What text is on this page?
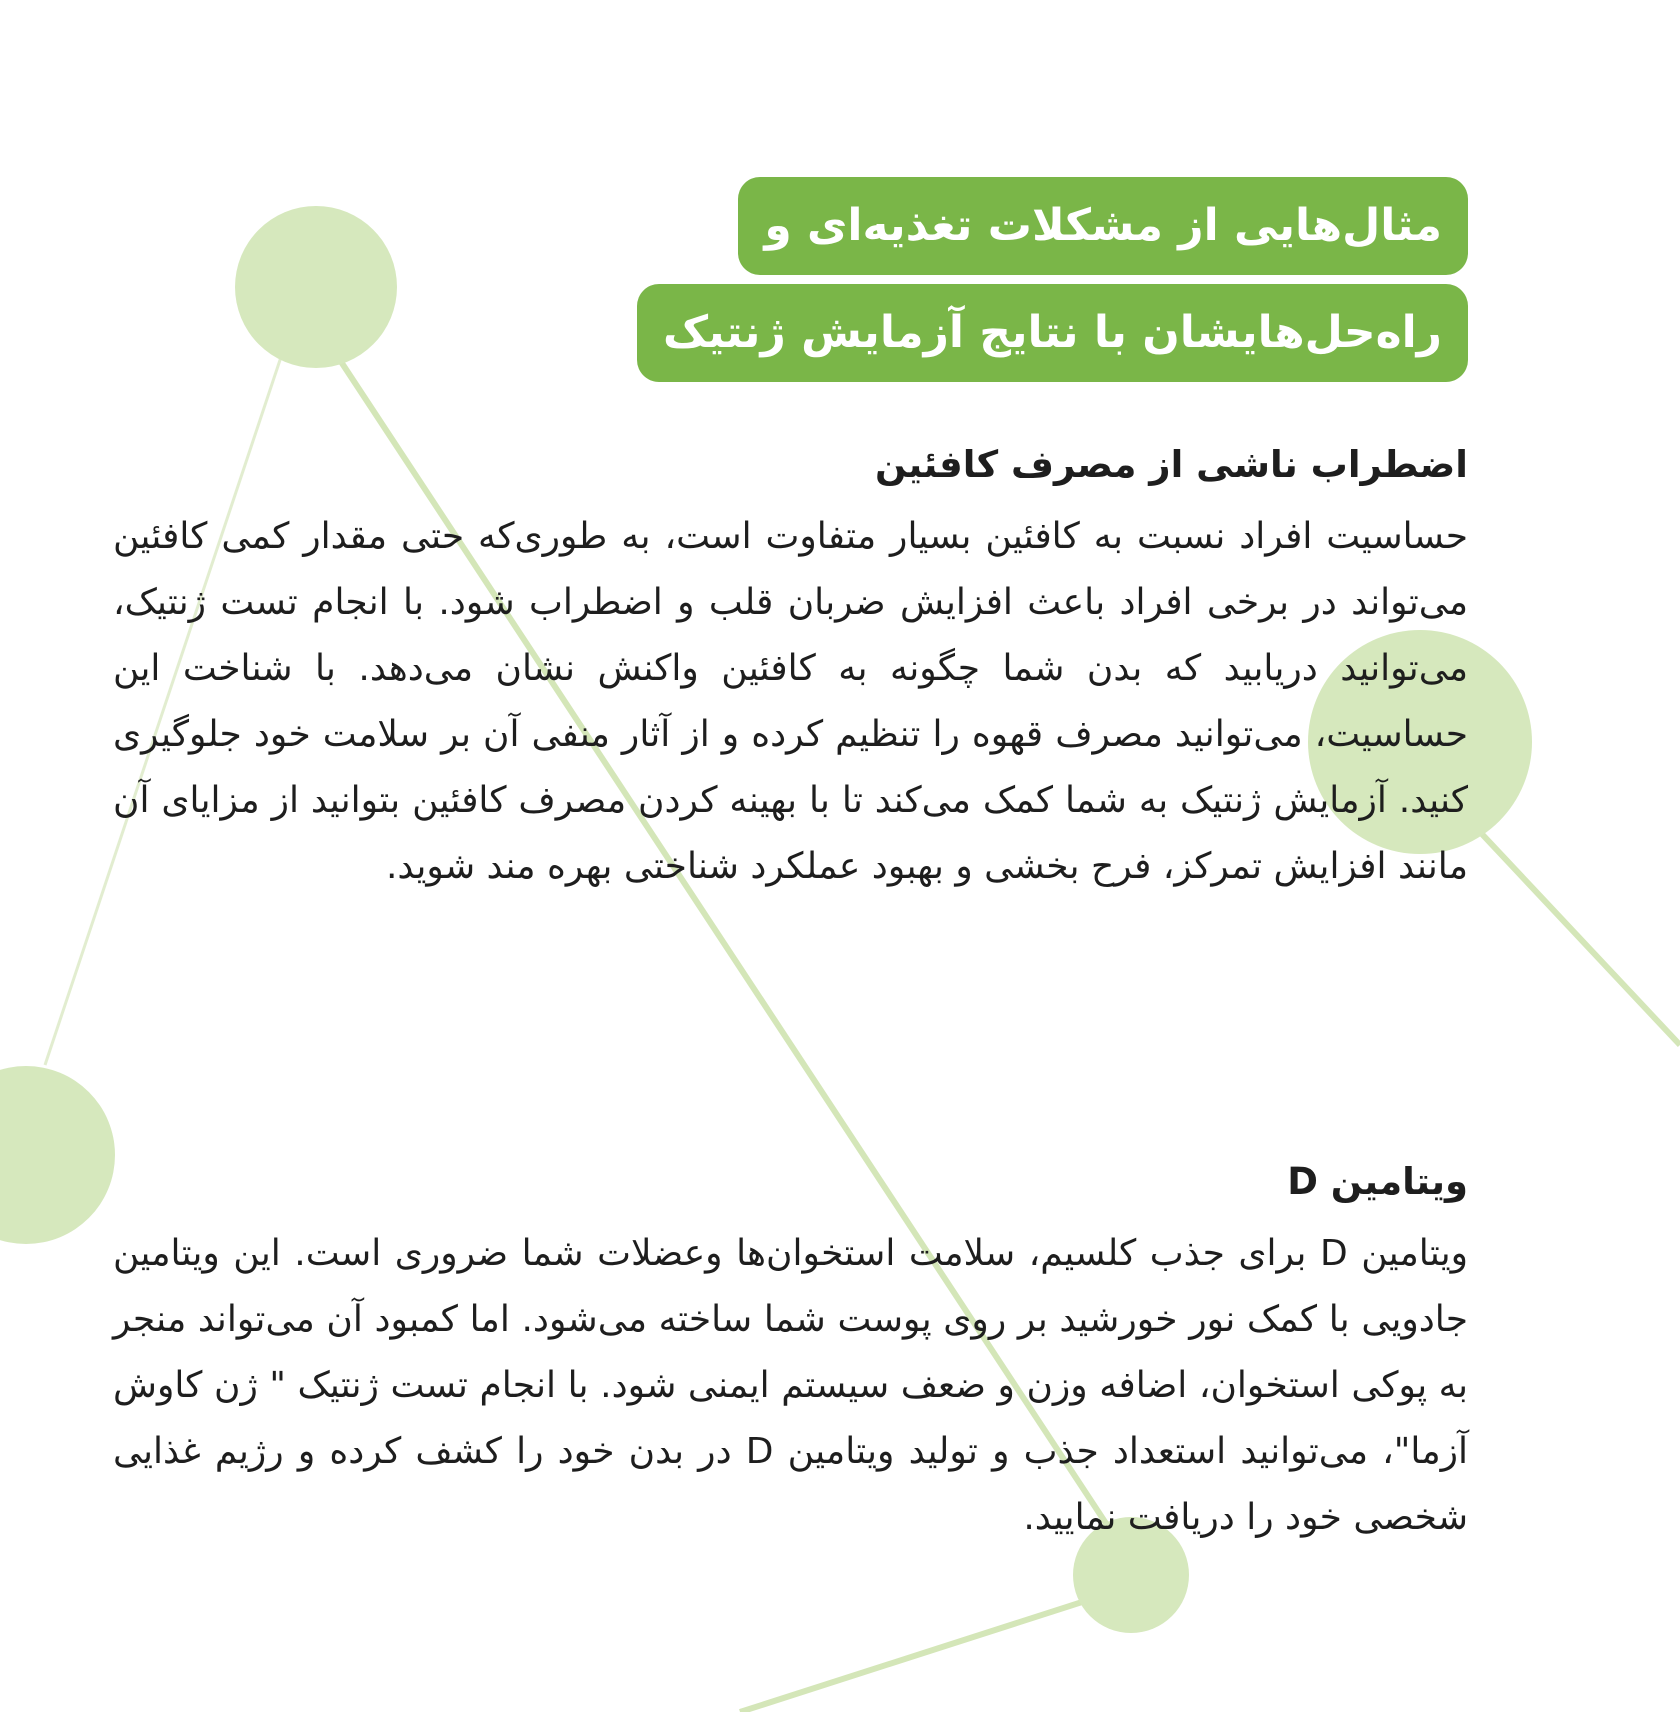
مثال‌هایی از مشکلات تغذیه‌ای و
راه‌حل‌هایشان با نتایج آزمایش ژنتیک
اضطراب ناشی از مصرف کافئین

حساسیت افراد نسبت به کافئین بسیار متفاوت است، به طوری‌که حتی مقدار کمی کافئین می‌تواند در برخی افراد باعث افزایش ضربان قلب و اضطراب شود. با انجام تست ژنتیک، می‌توانید دریابید که بدن شما چگونه به کافئین واکنش نشان می‌دهد. با شناخت این حساسیت، می‌توانید مصرف قهوه را تنظیم کرده و از آثار منفی آن بر سلامت خود جلوگیری کنید. آزمایش ژنتیک به شما کمک می‌کند تا با بهینه کردن مصرف کافئین بتوانید از مزایای آن مانند افزایش تمرکز، فرح بخشی و بهبود عملکرد شناختی بهره مند شوید.

ویتامین D

ویتامین D برای جذب کلسیم، سلامت استخوان‌ها وعضلات شما ضروری است. این ویتامین جادویی با کمک نور خورشید بر روی پوست شما ساخته می‌شود. اما کمبود آن می‌تواند منجر به پوکی استخوان، اضافه وزن و ضعف سیستم ایمنی شود. با انجام تست ژنتیک " ژن کاوش آزما"، می‌توانید استعداد جذب و تولید ویتامین D در بدن خود را کشف کرده و رژیم غذایی شخصی خود را دریافت نمایید.
